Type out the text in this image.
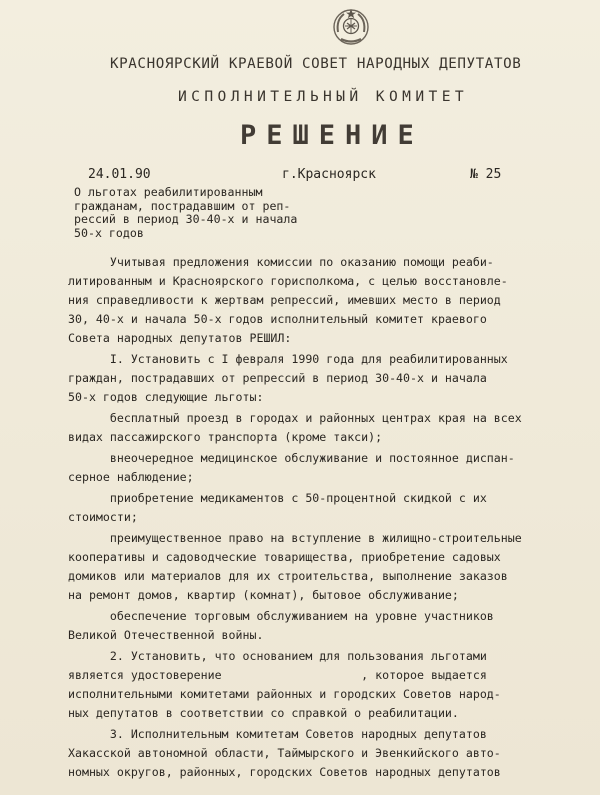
КРАСНОЯРСКИЙ КРАЕВОЙ СОВЕТ НАРОДНЫХ ДЕПУТАТОВ
ИСПОЛНИТЕЛЬНЫЙ КОМИТЕТ
РЕШЕНИЕ
24.01.90	г.Красноярск	№ 25
О льготах реабилитированным
гражданам, пострадавшим от реп-
рессий в период 30-40-х и начала
50-х годов
Учитывая предложения комиссии по оказанию помощи реаби-
литированным и Красноярского горисполкома, с целью восстановле-
ния справедливости к жертвам репрессий, имевших место в период
30, 40-х и начала 50-х годов исполнительный комитет краевого
Совета народных депутатов РЕШИЛ:
I. Установить с I февраля 1990 года для реабилитированных
граждан, пострадавших от репрессий в период 30-40-х и начала
50-х годов следующие льготы:
бесплатный проезд в городах и районных центрах края на всех
видах пассажирского транспорта (кроме такси);
внеочередное медицинское обслуживание и постоянное диспан-
серное наблюдение;
приобретение медикаментов с 50-процентной скидкой с их
стоимости;
преимущественное право на вступление в жилищно-строительные
кооперативы и садоводческие товарищества, приобретение садовых
домиков или материалов для их строительства, выполнение заказов
на ремонт домов, квартир (комнат), бытовое обслуживание;
обеспечение торговым обслуживанием на уровне участников
Великой Отечественной войны.
2. Установить, что основанием для пользования льготами
является удостоверение                    , которое выдается
исполнительными комитетами районных и городских Советов народ-
ных депутатов в соответствии со справкой о реабилитации.
3. Исполнительным комитетам Советов народных депутатов
Хакасской автономной области, Таймырского и Эвенкийского авто-
номных округов, районных, городских Советов народных депутатов
